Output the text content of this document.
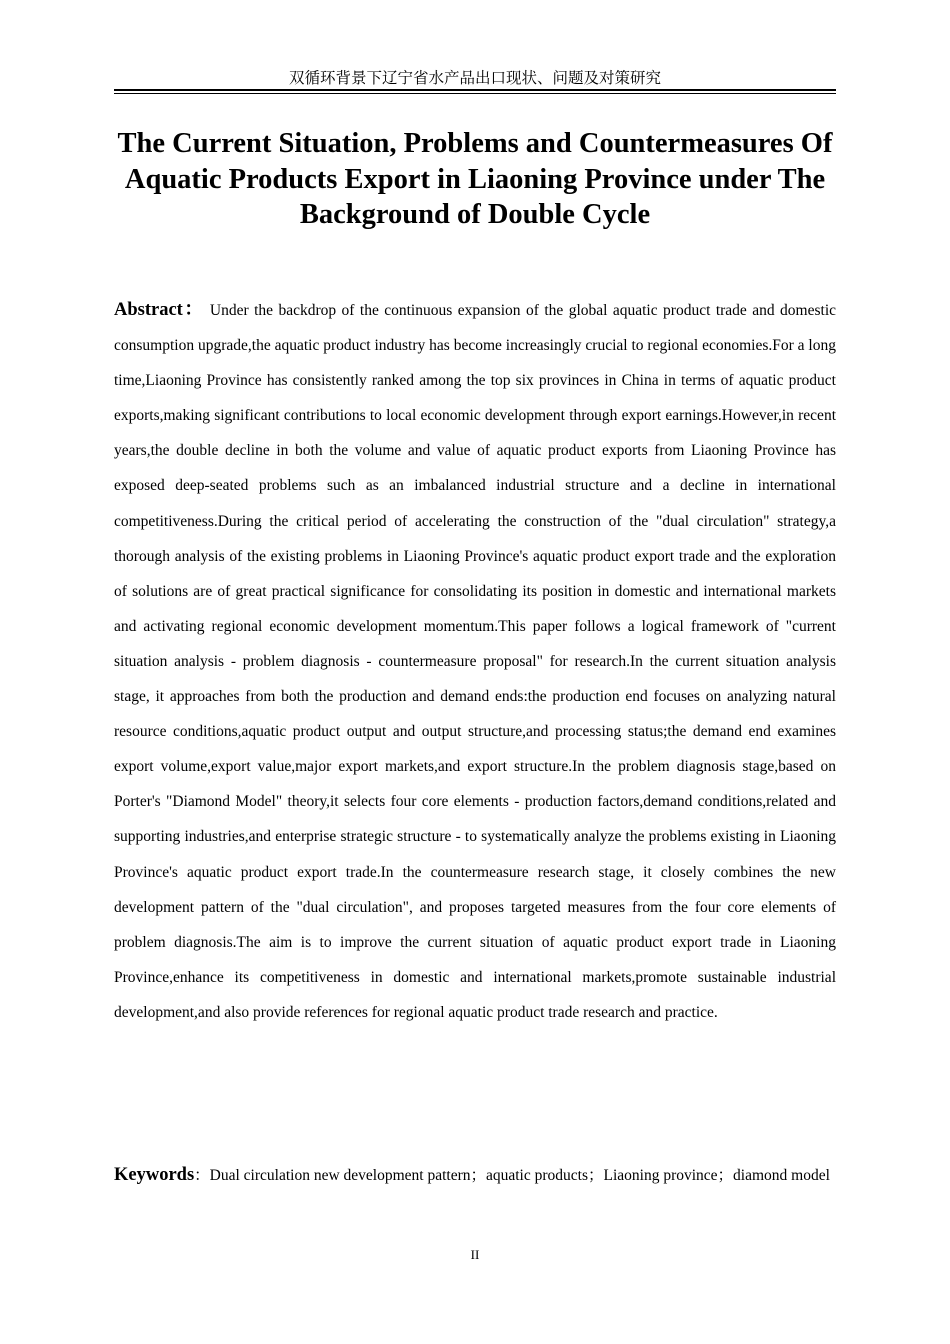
双循环背景下辽宁省水产品出口现状、问题及对策研究
The Current Situation, Problems and Countermeasures Of Aquatic Products Export in Liaoning Province under The Background of Double Cycle

Abstract： Under the backdrop of the continuous expansion of the global aquatic product trade and domestic consumption upgrade,the aquatic product industry has become increasingly crucial to regional economies.For a long time,Liaoning Province has consistently ranked among the top six provinces in China in terms of aquatic product exports,making significant contributions to local economic development through export earnings.However,in recent years,the double decline in both the volume and value of aquatic product exports from Liaoning Province has exposed deep-seated problems such as an imbalanced industrial structure and a decline in international competitiveness.During the critical period of accelerating the construction of the "dual circulation" strategy,a thorough analysis of the existing problems in Liaoning Province's aquatic product export trade and the exploration of solutions are of great practical significance for consolidating its position in domestic and international markets and activating regional economic development momentum.This paper follows a logical framework of "current situation analysis - problem diagnosis - countermeasure proposal" for research.In the current situation analysis stage, it approaches from both the production and demand ends:the production end focuses on analyzing natural resource conditions,aquatic product output and output structure,and processing status;the demand end examines export volume,export value,major export markets,and export structure.In the problem diagnosis stage,based on Porter's "Diamond Model" theory,it selects four core elements - production factors,demand conditions,related and supporting industries,and enterprise strategic structure - to systematically analyze the problems existing in Liaoning Province's aquatic product export trade.In the countermeasure research stage, it closely combines the new development pattern of the "dual circulation", and proposes targeted measures from the four core elements of problem diagnosis.The aim is to improve the current situation of aquatic product export trade in Liaoning Province,enhance its competitiveness in domestic and international markets,promote sustainable industrial development,and also provide references for regional aquatic product trade research and practice.

Keywords：Dual circulation new development pattern；aquatic products；Liaoning province；diamond model

II
